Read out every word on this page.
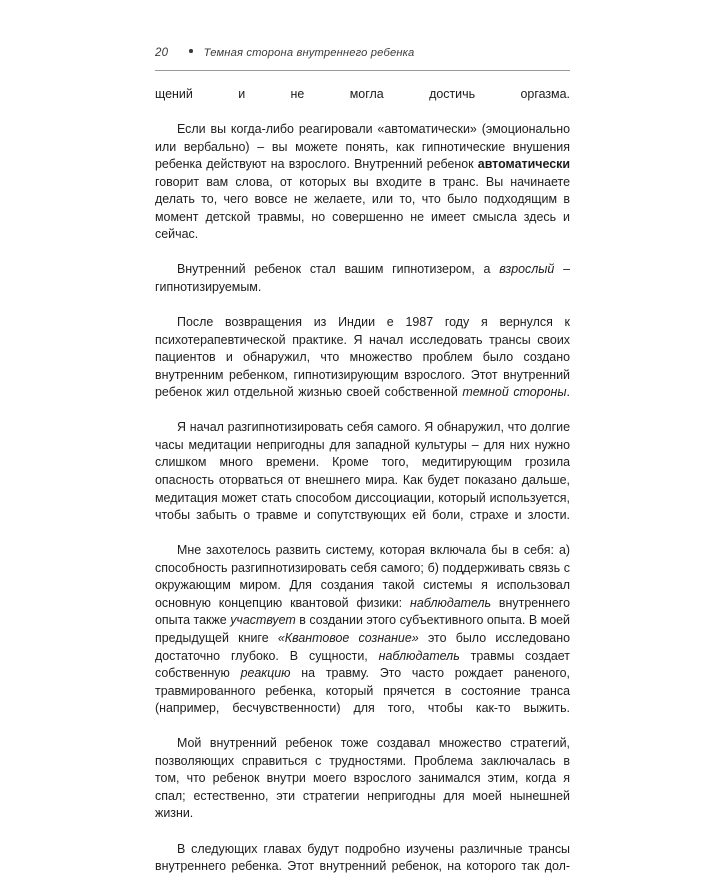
20	Темная сторона внутреннего ребенка

щений и не могла достичь оргазма.

Если вы когда-либо реагировали «автоматически» (эмоционально или вербально) – вы можете понять, как гипнотические внушения ребенка действуют на взрослого. Внутренний ребенок автоматически говорит вам слова, от которых вы входите в транс. Вы начинаете делать то, чего вовсе не желаете, или то, что было подходящим в момент детской травмы, но совершенно не имеет смысла здесь и сейчас.

Внутренний ребенок стал вашим гипнотизером, а взрослый – гипнотизируемым.

После возвращения из Индии е 1987 году я вернулся к психотерапевтической практике. Я начал исследовать трансы своих пациентов и обнаружил, что множество проблем было создано внутренним ребенком, гипнотизирующим взрослого. Этот внутренний ребенок жил отдельной жизнью своей собственной темной стороны.

Я начал разгипнотизировать себя самого. Я обнаружил, что долгие часы медитации непригодны для западной культуры – для них нужно слишком много времени. Кроме того, медитирующим грозила опасность оторваться от внешнего мира. Как будет показано дальше, медитация может стать способом диссоциации, который используется, чтобы забыть о травме и сопутствующих ей боли, страхе и злости.

Мне захотелось развить систему, которая включала бы в себя: а) способность разгипнотизировать себя самого; б) поддерживать связь с окружающим миром. Для создания такой системы я использовал основную концепцию квантовой физики: наблюдатель внутреннего опыта также участвует в создании этого субъективного опыта. В моей предыдущей книге «Квантовое сознание» это было исследовано достаточно глубоко. В сущности, наблюдатель травмы создает собственную реакцию на травму. Это часто рождает раненого, травмированного ребенка, который прячется в состояние транса (например, бесчувственности) для того, чтобы как-то выжить.

Мой внутренний ребенок тоже создавал множество стратегий, позволяющих справиться с трудностями. Проблема заключалась в том, что ребенок внутри моего взрослого занимался этим, когда я спал; естественно, эти стратегии непригодны для моей нынешней жизни.

В следующих главах будут подробно изучены различные трансы внутреннего ребенка. Этот внутренний ребенок, на которого так дол-
